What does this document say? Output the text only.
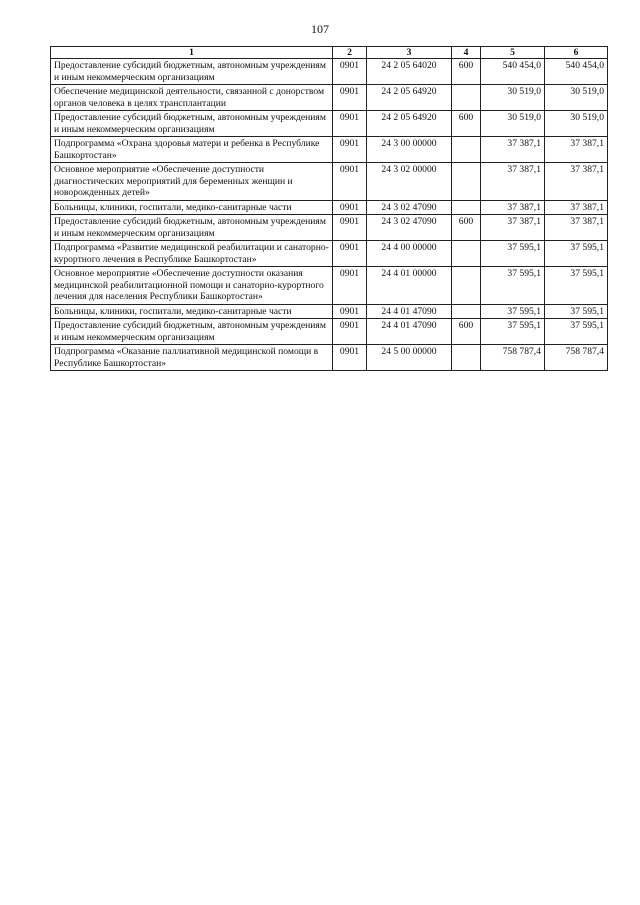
107
1	2	3	4	5	6
Предоставление субсидий бюджетным, автономным учреждениям и иным некоммерческим организациям	0901	24 2 05 64020	600	540 454,0	540 454,0
Обеспечение медицинской деятельности, связанной с донорством органов человека в целях трансплантации	0901	24 2 05 64920		30 519,0	30 519,0
Предоставление субсидий бюджетным, автономным учреждениям и иным некоммерческим организациям	0901	24 2 05 64920	600	30 519,0	30 519,0
Подпрограмма «Охрана здоровья матери и ребенка в Республике Башкортостан»	0901	24 3 00 00000		37 387,1	37 387,1
Основное мероприятие «Обеспечение доступности диагностических мероприятий для беременных женщин и новорожденных детей»	0901	24 3 02 00000		37 387,1	37 387,1
Больницы, клиники, госпитали, медико-санитарные части	0901	24 3 02 47090		37 387,1	37 387,1
Предоставление субсидий бюджетным, автономным учреждениям и иным некоммерческим организациям	0901	24 3 02 47090	600	37 387,1	37 387,1
Подпрограмма «Развитие медицинской реабилитации и санаторно-курортного лечения в Республике Башкортостан»	0901	24 4 00 00000		37 595,1	37 595,1
Основное мероприятие «Обеспечение доступности оказания медицинской реабилитационной помощи и санаторно-курортного лечения для населения Республики Башкортостан»	0901	24 4 01 00000		37 595,1	37 595,1
Больницы, клиники, госпитали, медико-санитарные части	0901	24 4 01 47090		37 595,1	37 595,1
Предоставление субсидий бюджетным, автономным учреждениям и иным некоммерческим организациям	0901	24 4 01 47090	600	37 595,1	37 595,1
Подпрограмма «Оказание паллиативной медицинской помощи в Республике Башкортостан»	0901	24 5 00 00000		758 787,4	758 787,4
